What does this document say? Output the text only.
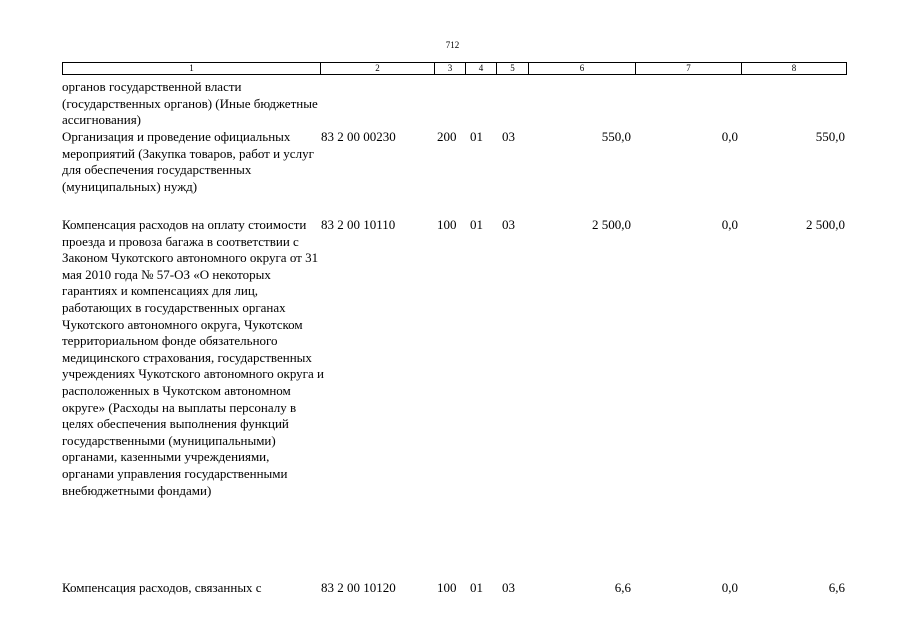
712
1	2	3	4	5	6	7	8
органов государственной власти (государственных органов) (Иные бюджетные ассигнования)
Организация и проведение официальных мероприятий (Закупка товаров, работ и услуг для обеспечения государственных (муниципальных) нужд)
83 2 00 00230	200 01 03	550,0	0,0	550,0
Компенсация расходов на оплату стоимости проезда и провоза багажа в соответствии с Законом Чукотского автономного округа от 31 мая 2010 года № 57-ОЗ «О некоторых гарантиях и компенсациях для лиц, работающих в государственных органах Чукотского автономного округа, Чукотском территориальном фонде обязательного медицинского страхования, государственных учреждениях Чукотского автономного округа и расположенных в Чукотском автономном округе» (Расходы на выплаты персоналу в целях обеспечения выполнения функций государственными (муниципальными) органами, казенными учреждениями, органами управления государственными внебюджетными фондами)
83 2 00 10110	100 01 03	2 500,0	0,0	2 500,0
Компенсация расходов, связанных с	83 2 00 10120	100 01 03	6,6	0,0	6,6
